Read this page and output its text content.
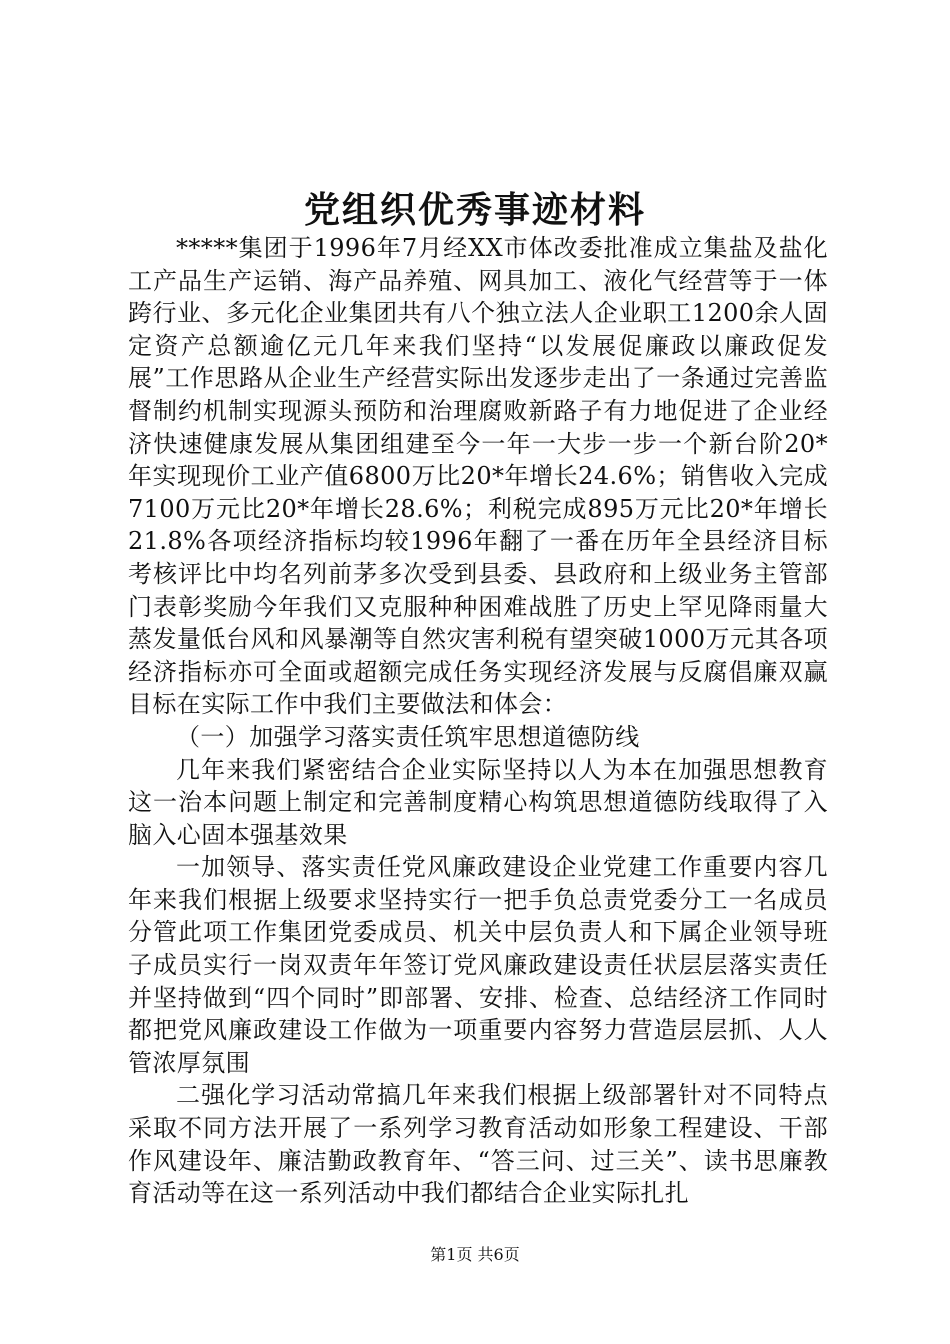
党组织优秀事迹材料

*****集团于1996年7月经XX市体改委批准成立集盐及盐化工产品生产运销、海产品养殖、网具加工、液化气经营等于一体跨行业、多元化企业集团共有八个独立法人企业职工1200余人固定资产总额逾亿元几年来我们坚持“以发展促廉政以廉政促发展”工作思路从企业生产经营实际出发逐步走出了一条通过完善监督制约机制实现源头预防和治理腐败新路子有力地促进了企业经济快速健康发展从集团组建至今一年一大步一步一个新台阶20*年实现现价工业产值6800万比20*年增长24.6%；销售收入完成7100万元比20*年增长28.6%；利税完成895万元比20*年增长21.8%各项经济指标均较1996年翻了一番在历年全县经济目标考核评比中均名列前茅多次受到县委、县政府和上级业务主管部门表彰奖励今年我们又克服种种困难战胜了历史上罕见降雨量大蒸发量低台风和风暴潮等自然灾害利税有望突破1000万元其各项经济指标亦可全面或超额完成任务实现经济发展与反腐倡廉双赢目标在实际工作中我们主要做法和体会：

（一）加强学习落实责任筑牢思想道德防线

几年来我们紧密结合企业实际坚持以人为本在加强思想教育这一治本问题上制定和完善制度精心构筑思想道德防线取得了入脑入心固本强基效果

一加领导、落实责任党风廉政建设企业党建工作重要内容几年来我们根据上级要求坚持实行一把手负总责党委分工一名成员分管此项工作集团党委成员、机关中层负责人和下属企业领导班子成员实行一岗双责年年签订党风廉政建设责任状层层落实责任并坚持做到“四个同时”即部署、安排、检查、总结经济工作同时都把党风廉政建设工作做为一项重要内容努力营造层层抓、人人管浓厚氛围

二强化学习活动常搞几年来我们根据上级部署针对不同特点采取不同方法开展了一系列学习教育活动如形象工程建设、干部作风建设年、廉洁勤政教育年、“答三问、过三关”、读书思廉教育活动等在这一系列活动中我们都结合企业实际扎扎

第1页 共6页
